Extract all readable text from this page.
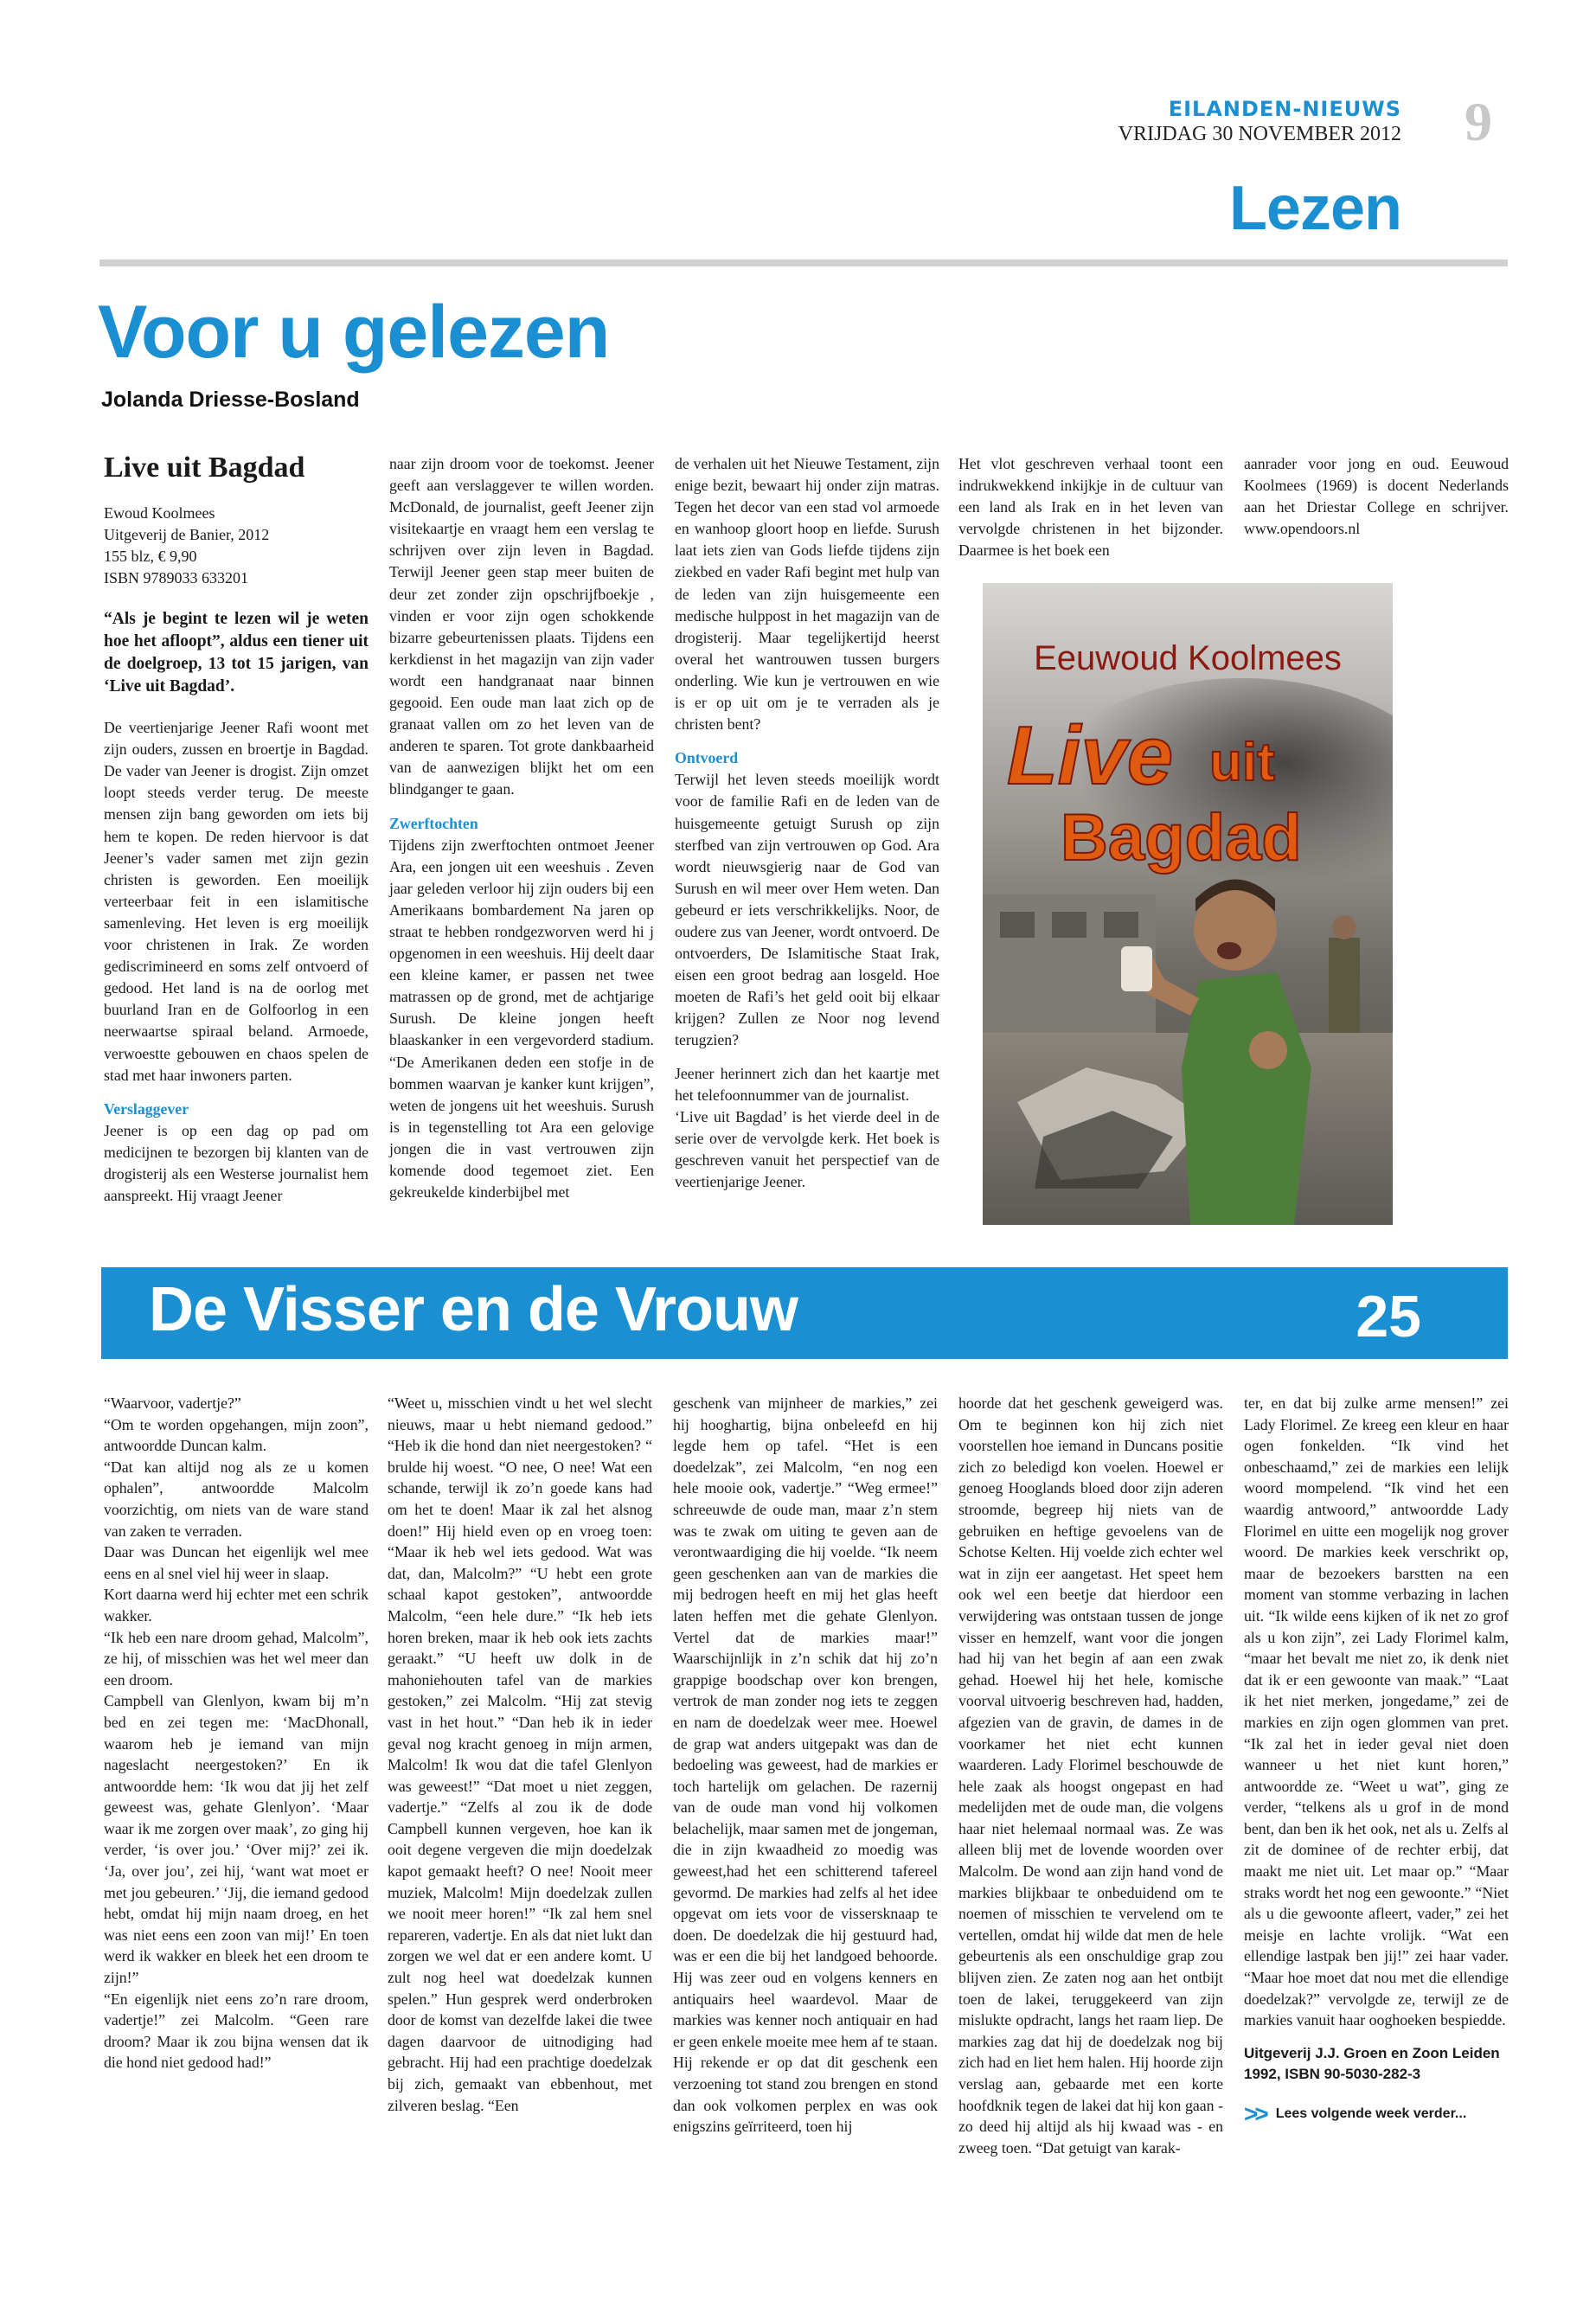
EILANDEN-NIEUWS
VRIJDAG 30 NOVEMBER 2012 9
Lezen
Voor u gelezen
Jolanda Driesse-Bosland
Live uit Bagdad
Ewoud Koolmees
Uitgeverij de Banier, 2012
155 blz, € 9,90
ISBN 9789033 633201
“Als je begint te lezen wil je weten hoe het afloopt”, aldus een tiener uit de doelgroep, 13 tot 15 jarigen, van ‘Live uit Bagdad’.

De veertienjarige Jeener Rafi woont met zijn ouders, zussen en broertje in Bagdad. De vader van Jeener is drogist. Zijn omzet loopt steeds verder terug. De meeste mensen zijn bang geworden om iets bij hem te kopen. De reden hiervoor is dat Jeener’s vader samen met zijn gezin christen is geworden. Een moeilijk verteerbaar feit in een islamitische samenleving. Het leven is erg moeilijk voor christenen in Irak. Ze worden gediscrimineerd en soms zelf ontvoerd of gedood. Het land is na de oorlog met buurland Iran en de Golfoorlog in een neerwaartse spiraal beland. Armoede, verwoestte gebouwen en chaos spelen de stad met haar inwoners parten.

Verslaggever

Jeener is op een dag op pad om medicijnen te bezorgen bij klanten van de drogisterij als een Westerse journalist hem aanspreekt. Hij vraagt Jeener

naar zijn droom voor de toekomst. Jeener geeft aan verslaggever te willen worden. McDonald, de journalist, geeft Jeener zijn visitekaartje en vraagt hem een verslag te schrijven over zijn leven in Bagdad. Terwijl Jeener geen stap meer buiten de deur zet zonder zijn opschrijfboekje , vinden er voor zijn ogen schokkende bizarre gebeurtenissen plaats. Tijdens een kerkdienst in het magazijn van zijn vader wordt een handgranaat naar binnen gegooid. Een oude man laat zich op de granaat vallen om zo het leven van de anderen te sparen. Tot grote dankbaarheid van de aanwezigen blijkt het om een blindganger te gaan.

Zwerftochten

Tijdens zijn zwerftochten ontmoet Jeener Ara, een jongen uit een weeshuis . Zeven jaar geleden verloor hij zijn ouders bij een Amerikaans bombardement Na jaren op straat te hebben rondgezworven werd hi j opgenomen in een weeshuis. Hij deelt daar een kleine kamer, er passen net twee matrassen op de grond, met de achtjarige Surush. De kleine jongen heeft blaaskanker in een vergevorderd stadium. “De Amerikanen deden een stofje in de bommen waarvan je kanker kunt krijgen”, weten de jongens uit het weeshuis. Surush is in tegenstelling tot Ara een gelovige jongen die in vast vertrouwen zijn komende dood tegemoet ziet. Een gekreukelde kinderbijbel met

de verhalen uit het Nieuwe Testament, zijn enige bezit, bewaart hij onder zijn matras. Tegen het decor van een stad vol armoede en wanhoop gloort hoop en liefde. Surush laat iets zien van Gods liefde tijdens zijn ziekbed en vader Rafi begint met hulp van de leden van zijn huisgemeente een medische hulppost in het magazijn van de drogisterij. Maar tegelijkertijd heerst overal het wantrouwen tussen burgers onderling. Wie kun je vertrouwen en wie is er op uit om je te verraden als je christen bent?

Ontvoerd

Terwijl het leven steeds moeilijk wordt voor de familie Rafi en de leden van de huisgemeente getuigt Surush op zijn sterfbed van zijn vertrouwen op God. Ara wordt nieuwsgierig naar de God van Surush en wil meer over Hem weten. Dan gebeurd er iets verschrikkelijks. Noor, de oudere zus van Jeener, wordt ontvoerd. De ontvoerders, De Islamitische Staat Irak, eisen een groot bedrag aan losgeld. Hoe moeten de Rafi’s het geld ooit bij elkaar krijgen? Zullen ze Noor nog levend terugzien?

Jeener herinnert zich dan het kaartje met het telefoonnummer van de journalist.

‘Live uit Bagdad’ is het vierde deel in de serie over de vervolgde kerk. Het boek is geschreven vanuit het perspectief van de veertienjarige Jeener.

Het vlot geschreven verhaal toont een indrukwekkend inkijkje in de cultuur van een land als Irak en in het leven van vervolgde christenen in het bijzonder. Daarmee is het boek een

aanrader voor jong en oud. Eeuwoud Koolmees (1969) is docent Nederlands aan het Driestar College en schrijver. www.opendoors.nl

Eeuwoud Koolmees
Live uit
Bagdad
De Visser en de Vrouw	25

“Waarvoor, vadertje?”

“Om te worden opgehangen, mijn zoon”, antwoordde Duncan kalm.

“Dat kan altijd nog als ze u komen ophalen”, antwoordde Malcolm voorzichtig, om niets van de ware stand van zaken te verraden.

Daar was Duncan het eigenlijk wel mee eens en al snel viel hij weer in slaap.

Kort daarna werd hij echter met een schrik wakker.

“Ik heb een nare droom gehad, Malcolm”, ze hij, of misschien was het wel meer dan een droom.

Campbell van Glenlyon, kwam bij m’n bed en zei tegen me: ‘MacDhonall, waarom heb je iemand van mijn nageslacht neergestoken?’ En ik antwoordde hem: ‘Ik wou dat jij het zelf geweest was, gehate Glenlyon’. ‘Maar waar ik me zorgen over maak’, zo ging hij verder, ‘is over jou.’ ‘Over mij?’ zei ik. ‘Ja, over jou’, zei hij, ‘want wat moet er met jou gebeuren.’ ‘Jij, die iemand gedood hebt, omdat hij mijn naam droeg, en het was niet eens een zoon van mij!’ En toen werd ik wakker en bleek het een droom te zijn!”

“En eigenlijk niet eens zo’n rare droom, vadertje!” zei Malcolm. “Geen rare droom? Maar ik zou bijna wensen dat ik die hond niet gedood had!”

“Weet u, misschien vindt u het wel slecht nieuws, maar u hebt niemand gedood.” “Heb ik die hond dan niet neergestoken? “ brulde hij woest. “O nee, O nee! Wat een schande, terwijl ik zo’n goede kans had om het te doen! Maar ik zal het alsnog doen!” Hij hield even op en vroeg toen: “Maar ik heb wel iets gedood. Wat was dat, dan, Malcolm?” “U hebt een grote schaal kapot gestoken”, antwoordde Malcolm, “een hele dure.” “Ik heb iets horen breken, maar ik heb ook iets zachts geraakt.” “U heeft uw dolk in de mahoniehouten tafel van de markies gestoken,” zei Malcolm. “Hij zat stevig vast in het hout.” “Dan heb ik in ieder geval nog kracht genoeg in mijn armen, Malcolm! Ik wou dat die tafel Glenlyon was geweest!” “Dat moet u niet zeggen, vadertje.” “Zelfs al zou ik de dode Campbell kunnen vergeven, hoe kan ik ooit degene vergeven die mijn doedelzak kapot gemaakt heeft? O nee! Nooit meer muziek, Malcolm! Mijn doedelzak zullen we nooit meer horen!” “Ik zal hem snel repareren, vadertje. En als dat niet lukt dan zorgen we wel dat er een andere komt. U zult nog heel wat doedelzak kunnen spelen.” Hun gesprek werd onderbroken door de komst van dezelfde lakei die twee dagen daarvoor de uitnodiging had gebracht. Hij had een prachtige doedelzak bij zich, gemaakt van ebbenhout, met zilveren beslag. “Een

geschenk van mijnheer de markies,” zei hij hooghartig, bijna onbeleefd en hij legde hem op tafel. “Het is een doedelzak”, zei Malcolm, “en nog een hele mooie ook, vadertje.” “Weg ermee!” schreeuwde de oude man, maar z’n stem was te zwak om uiting te geven aan de verontwaardiging die hij voelde. “Ik neem geen geschenken aan van de markies die mij bedrogen heeft en mij het glas heeft laten heffen met die gehate Glenlyon. Vertel dat de markies maar!” Waarschijnlijk in z’n schik dat hij zo’n grappige boodschap over kon brengen, vertrok de man zonder nog iets te zeggen en nam de doedelzak weer mee. Hoewel de grap wat anders uitgepakt was dan de bedoeling was geweest, had de markies er toch hartelijk om gelachen. De razernij van de oude man vond hij volkomen belachelijk, maar samen met de jongeman, die in zijn kwaadheid zo moedig was geweest,had het een schitterend tafereel gevormd. De markies had zelfs al het idee opgevat om iets voor de vissersknaap te doen. De doedelzak die hij gestuurd had, was er een die bij het landgoed behoorde. Hij was zeer oud en volgens kenners en antiquairs heel waardevol. Maar de markies was kenner noch antiquair en had er geen enkele moeite mee hem af te staan. Hij rekende er op dat dit geschenk een verzoening tot stand zou brengen en stond dan ook volkomen perplex en was ook enigszins geïrriteerd, toen hij

hoorde dat het geschenk geweigerd was. Om te beginnen kon hij zich niet voorstellen hoe iemand in Duncans positie zich zo beledigd kon voelen. Hoewel er genoeg Hooglands bloed door zijn aderen stroomde, begreep hij niets van de gebruiken en heftige gevoelens van de Schotse Kelten. Hij voelde zich echter wel wat in zijn eer aangetast. Het speet hem ook wel een beetje dat hierdoor een verwijdering was ontstaan tussen de jonge visser en hemzelf, want voor die jongen had hij van het begin af aan een zwak gehad. Hoewel hij het hele, komische voorval uitvoerig beschreven had, hadden, afgezien van de gravin, de dames in de voorkamer het niet echt kunnen waarderen. Lady Florimel beschouwde de hele zaak als hoogst ongepast en had medelijden met de oude man, die volgens haar niet helemaal normaal was. Ze was alleen blij met de lovende woorden over Malcolm. De wond aan zijn hand vond de markies blijkbaar te onbeduidend om te noemen of misschien te vervelend om te vertellen, omdat hij wilde dat men de hele gebeurtenis als een onschuldige grap zou blijven zien. Ze zaten nog aan het ontbijt toen de lakei, teruggekeerd van zijn mislukte opdracht, langs het raam liep. De markies zag dat hij de doedelzak nog bij zich had en liet hem halen. Hij hoorde zijn verslag aan, gebaarde met een korte hoofdknik tegen de lakei dat hij kon gaan - zo deed hij altijd als hij kwaad was - en zweeg toen. “Dat getuigt van karak-

ter, en dat bij zulke arme mensen!” zei Lady Florimel. Ze kreeg een kleur en haar ogen fonkelden. “Ik vind het onbeschaamd,” zei de markies een lelijk woord mompelend. “Ik vind het een waardig antwoord,” antwoordde Lady Florimel en uitte een mogelijk nog grover woord. De markies keek verschrikt op, maar de bezoekers barstten na een moment van stomme verbazing in lachen uit. “Ik wilde eens kijken of ik net zo grof als u kon zijn”, zei Lady Florimel kalm, “maar het bevalt me niet zo, ik denk niet dat ik er een gewoonte van maak.” “Laat ik het niet merken, jongedame,” zei de markies en zijn ogen glommen van pret. “Ik zal het in ieder geval niet doen wanneer u het niet kunt horen,” antwoordde ze. “Weet u wat”, ging ze verder, “telkens als u grof in de mond bent, dan ben ik het ook, net als u. Zelfs al zit de dominee of de rechter erbij, dat maakt me niet uit. Let maar op.” “Maar straks wordt het nog een gewoonte.” “Niet als u die gewoonte afleert, vader,” zei het meisje en lachte vrolijk. “Wat een ellendige lastpak ben jij!” zei haar vader. “Maar hoe moet dat nou met die ellendige doedelzak?” vervolgde ze, terwijl ze de markies vanuit haar ooghoeken bespiedde.

Uitgeverij J.J. Groen en Zoon Leiden
1992, ISBN 90-5030-282-3
>> Lees volgende week verder...
